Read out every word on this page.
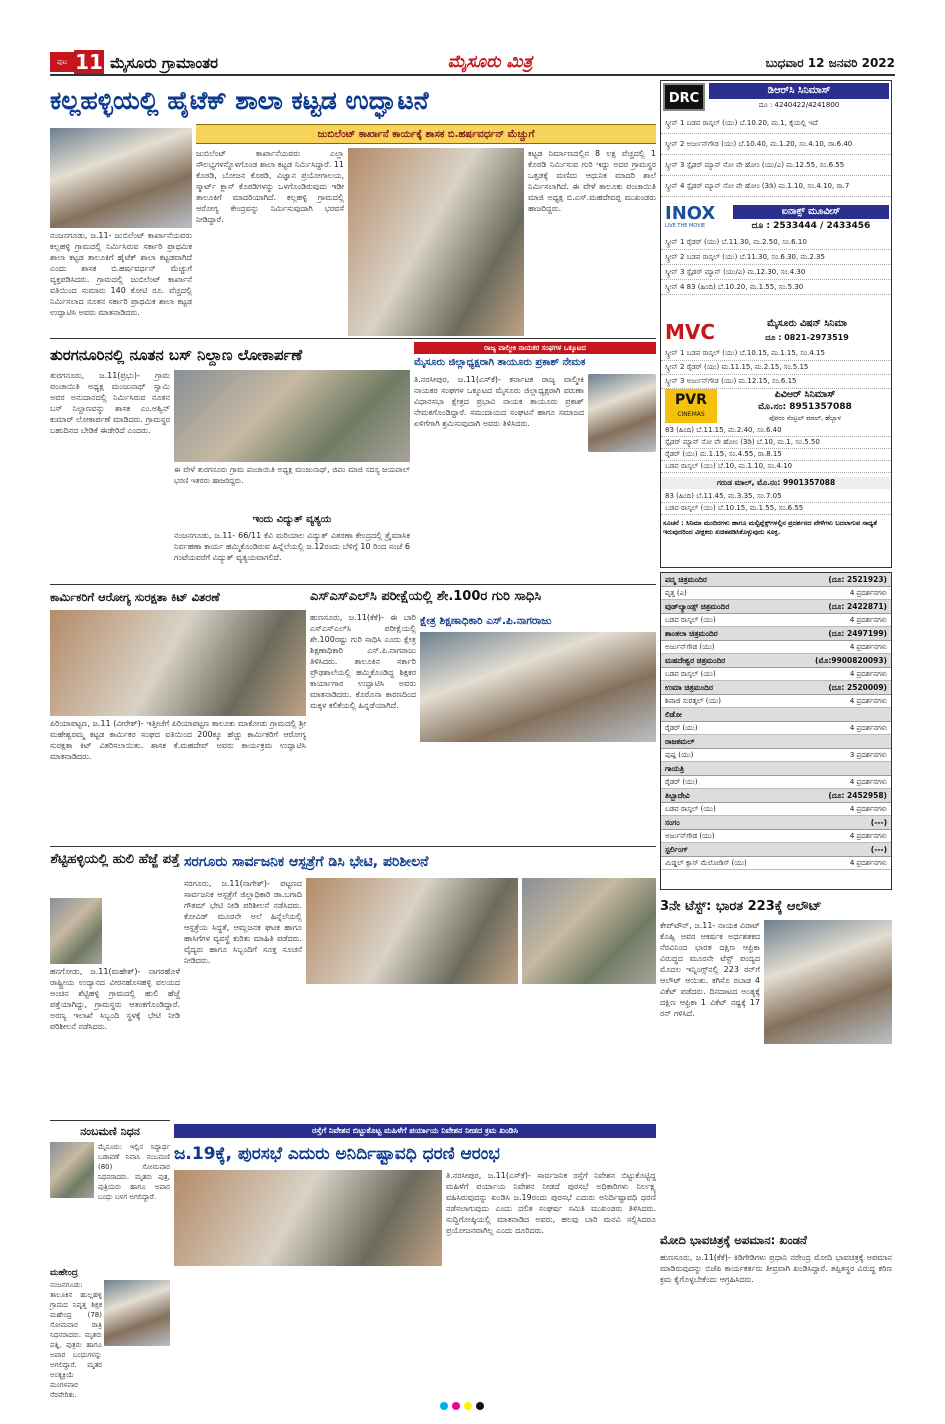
ಪುಟ 11 ಮೈಸೂರು ಗ್ರಾಮಾಂತರ	ಮೈಸೂರು ಮಿತ್ರ	ಬುಧವಾರ 12 ಜನವರಿ 2022
ಕಲ್ಲಹಳ್ಳಿಯಲ್ಲಿ ಹೈಟೆಕ್ ಶಾಲಾ ಕಟ್ಟಡ ಉದ್ಘಾಟನೆ
ಜುಬಿಲೆಂಟ್ ಕಾರ್ಖಾನೆ ಕಾರ್ಯಕ್ಕೆ ಶಾಸಕ ಬಿ.ಹರ್ಷವರ್ಧನ್ ಮೆಚ್ಚುಗೆ
ನಂಜನಗೂಡು, ಜ.11- ಜುಬಿಲೆಂಟ್ ಕಾರ್ಖಾನೆಯವರು ಕಲ್ಲಹಳ್ಳಿ ಗ್ರಾಮದಲ್ಲಿ ನಿರ್ಮಿಸಿರುವ ಸರ್ಕಾರಿ ಪ್ರಾಥಮಿಕ ಶಾಲಾ ಕಟ್ಟಡ ತಾಲೂಕಿಗೆ ಹೈಟೆಕ್ ಶಾಲಾ ಕಟ್ಟಡವಾಗಿದೆ ಎಂದು ಶಾಸಕ ಬಿ.ಹರ್ಷವರ್ಧನ್ ಮೆಚ್ಚುಗೆ ವ್ಯಕ್ತಪಡಿಸಿದರು. ಗ್ರಾಮದಲ್ಲಿ ಜುಬಿಲೆಂಟ್ ಕಾರ್ಖಾನೆ ವತಿಯಿಂದ ಸುಮಾರು 140 ಕೋಟಿ ರೂ. ವೆಚ್ಚದಲ್ಲಿ ನಿರ್ಮಿಸಲಾದ ನೂತನ ಸರ್ಕಾರಿ ಪ್ರಾಥಮಿಕ ಶಾಲಾ ಕಟ್ಟಡ ಉದ್ಘಾಟಿಸಿ ಅವರು ಮಾತನಾಡಿದರು.
ಜುಬಿಲೆಂಟ್ ಕಾರ್ಖಾನೆಯವರು ಎಲ್ಲಾ ಸೌಲಭ್ಯಗಳನ್ನೊಳಗೊಂಡ ಶಾಲಾ ಕಟ್ಟಡ ನಿರ್ಮಿಸಿದ್ದಾರೆ. 11 ಕೊಠಡಿ, ಬೋಜನ ಕೊಠಡಿ, ವಿಜ್ಞಾನ ಪ್ರಯೋಗಾಲಯ, ಸ್ಮಾರ್ಟ್ ಕ್ಲಾಸ್ ಕೊಠಡಿಗಳನ್ನು ಒಳಗೊಂಡಿರುವುದು ಇಡೀ ತಾಲೂಕಿಗೆ ಮಾದರಿಯಾಗಿದೆ. ಕಲ್ಲಹಳ್ಳಿ ಗ್ರಾಮದಲ್ಲಿ ಆರೋಗ್ಯ ಕೇಂದ್ರವನ್ನು ನಿರ್ಮಿಸುವುದಾಗಿ ಭರವಸೆ ನೀಡಿದ್ದಾರೆ.
ಕಟ್ಟಡ ನಿರ್ಮಾಣದಲ್ಲಿನ 8 ಲಕ್ಷ ವೆಚ್ಚದಲ್ಲಿ 1 ಕೊಠಡಿ ನಿರ್ಮಿಸುವ ಗುರಿ ಇದ್ದು ಅದರ ಗ್ರಾಮಸ್ಥರ ಒತ್ತಡಕ್ಕೆ ಮಣಿದು ಆಧುನಿಕ ಮಾದರಿ ಶಾಲೆ ನಿರ್ಮಿಸಲಾಗಿದೆ. ಈ ವೇಳೆ ತಾಲೂಕು ಪಂಚಾಯಿತಿ ಮಾಜಿ ಅಧ್ಯಕ್ಷ ಬಿ.ಎಸ್.ಮಹದೇವಪ್ಪ ಮುಖಂಡರು ಹಾಜರಿದ್ದರು.
ತುರಗನೂರಿನಲ್ಲಿ ನೂತನ ಬಸ್ ನಿಲ್ದಾಣ ಲೋಕಾರ್ಪಣೆ
ತುರಗನೂರು, ಜ.11(ಪ್ರಭು)- ಗ್ರಾಮ ಪಂಚಾಯಿತಿ ಅಧ್ಯಕ್ಷ ಮಂಜುನಾಥ್ ಸ್ವಾಮಿ ಅವರ ಅನುದಾನದಲ್ಲಿ ನಿರ್ಮಿಸಿರುವ ನೂತನ ಬಸ್ ನಿಲ್ದಾಣವನ್ನು ಶಾಸಕ ಎಂ.ಅಶ್ವಿನ್ ಕುಮಾರ್ ಲೋಕಾರ್ಪಣೆ ಮಾಡಿದರು. ಗ್ರಾಮಸ್ಥರ ಬಹುದಿನದ ಬೇಡಿಕೆ ಈಡೇರಿದೆ ಎಂದರು.
ಈ ವೇಳೆ ತುರಗನೂರು ಗ್ರಾಮ ಪಂಚಾಯಿತಿ ಅಧ್ಯಕ್ಷ ಮಂಜುನಾಥ್, ಜಿಪಂ ಮಾಜಿ ಸದಸ್ಯ ಜಯಪಾಲ್ ಭರಣಿ ಇತರರು ಹಾಜರಿದ್ದರು.
ಇಂದು ವಿದ್ಯುತ್ ವ್ಯತ್ಯಯ
ನಂಜನಗೂಡು, ಜ.11- 66/11 ಕೆವಿ ಮರಿಯಾಲ ವಿದ್ಯುತ್ ವಿತರಣಾ ಕೇಂದ್ರದಲ್ಲಿ ತ್ರೈಮಾಸಿಕ ನಿರ್ವಹಣಾ ಕಾರ್ಯ ಹಮ್ಮಿಕೊಂಡಿರುವ ಹಿನ್ನೆಲೆಯಲ್ಲಿ ಜ.12ರಂದು ಬೆಳಿಗ್ಗೆ 10 ರಿಂದ ಸಂಜೆ 6 ಗಂಟೆಯವರೆಗೆ ವಿದ್ಯುತ್ ವ್ಯತ್ಯಯವಾಗಲಿದೆ.
ರಾಜ್ಯ ವಾಲ್ಮೀಕಿ ನಾಯಕರ ಸಂಘಗಳ ಒಕ್ಕೂಟದ
ಮೈಸೂರು ಜಿಲ್ಲಾಧ್ಯಕ್ಷರಾಗಿ ತಾಯೂರು ಪ್ರಕಾಶ್ ನೇಮಕ
ತಿ.ನರಸೀಪುರ, ಜ.11(ಎಸ್‌ಕೆ)- ಕರ್ನಾಟಕ ರಾಜ್ಯ ವಾಲ್ಮೀಕಿ ನಾಯಕರ ಸಂಘಗಳ ಒಕ್ಕೂಟದ ಮೈಸೂರು ಜಿಲ್ಲಾಧ್ಯಕ್ಷರಾಗಿ ವರುಣಾ ವಿಧಾನಸಭಾ ಕ್ಷೇತ್ರದ ಪ್ರಭಾವಿ ನಾಯಕ ತಾಯೂರು ಪ್ರಕಾಶ್ ನೇಮಕಗೊಂಡಿದ್ದಾರೆ. ಸಮುದಾಯದ ಸಂಘಟನೆ ಹಾಗೂ ಸಮಾಜದ ಏಳಿಗೆಗಾಗಿ ಶ್ರಮಿಸುವುದಾಗಿ ಅವರು ತಿಳಿಸಿದರು.
DRC
ಡಿಆರ್‌ಸಿ ಸಿನಿಮಾಸ್
ದೂ : 4240422/4241800
ಸ್ಕ್ರೀನ್ 1 ಬಡವ ರಾಸ್ಕಲ್ (ಯು) ಬೆ.10.20, ಮ.1, ಕೈಯಲ್ಲಿ ಇದೆ
ಸ್ಕ್ರೀನ್ 2 ಅರ್ಜುನ್‌ಗೌಡ (ಯು) ಬೆ.10.40, ಮ.1.20, ಸಂ.4.10, ರಾ.6.40
ಸ್ಕ್ರೀನ್ 3 ಸ್ಪೈಡರ್ ಮ್ಯಾನ್ ನೋ ವೇ ಹೋಂ (ಯು/ಎ) ಮ.12.55, ಸಂ.6.55
ಸ್ಕ್ರೀನ್ 4 ಸ್ಪೈಡರ್ ಮ್ಯಾನ್ ನೋ ವೇ ಹೋಂ (3ಡಿ) ಮ.1.10, ಸಂ.4.10, ರಾ.7
INOX
LIVE THE MOVIE
ಐನಾಕ್ಸ್ ಮೂವೀಸ್
ದೂ : 2533444 / 2433456
ಸ್ಕ್ರೀನ್ 1 ರೈಡರ್ (ಯು) ಬೆ.11.30, ಮ.2.50, ಸಂ.6.10
ಸ್ಕ್ರೀನ್ 2 ಬಡವ ರಾಸ್ಕಲ್ (ಯು) ಬೆ.11.30, ಸಂ.6.30, ಮ.2.35
ಸ್ಕ್ರೀನ್ 3 ಸ್ಪೈಡರ್ ಮ್ಯಾನ್ (ಯು/ಎ) ಮ.12.30, ಸಂ.4.30
ಸ್ಕ್ರೀನ್ 4 83 (ಹಿಂದಿ) ಬೆ.10.20, ಮ.1.55, ಸಂ.5.30
MVC	ಮೈಸೂರು ವಿಷನ್ ಸಿನಿಮಾ
ದೂ : 0821-2973519
ಸ್ಕ್ರೀನ್ 1 ಬಡವ ರಾಸ್ಕಲ್ (ಯು) ಬೆ.10.15, ಮ.1.15, ಸಂ.4.15
ಸ್ಕ್ರೀನ್ 2 ರೈಡರ್ (ಯು) ಮ.11.15, ಮ.2.15, ಸಂ.5.15
ಸ್ಕ್ರೀನ್ 3 ಅರ್ಜುನ್‌ಗೌಡ (ಯು) ಮ.12.15, ಸಂ.6.15
PVR
CINEMAS
ಪಿವಿಆರ್ ಸಿನಿಮಾಸ್
ಮೊ.ನಂ: 8951357088
ಫೋರಂ ಸೆಂಟ್ರಲ್ ಮಾಲ್, ಹೆಬ್ಬಾಳ
83 (ಹಿಂದಿ) ಬೆ.11.15, ಮ.2.40, ಸಂ.6.40
ಸ್ಪೈಡರ್ ಮ್ಯಾನ್ ನೋ ವೇ ಹೋಂ (3ಡಿ) ಬೆ.10, ಮ.1, ಸಂ.5.50
ರೈಡರ್ (ಯು) ಮ.1.15, ಸಂ.4.55, ರಾ.8.15
ಬಡವ ರಾಸ್ಕಲ್ (ಯು) ಬೆ.10, ಮ.1.10, ಸಂ.4.10
ಗರುಡ ಮಾಲ್, ಮೊ.ನಂ: 9901357088
83 (ಹಿಂದಿ) ಬೆ.11.45, ಮ.3.35, ಸಂ.7.05
ಬಡವ ರಾಸ್ಕಲ್ (ಯು) ಬೆ.10.15, ಮ.1.55, ಸಂ.6.55
ಸೂಚನೆ : ಸಿನಿಮಾ ಮಂದಿರಗಳು ಹಾಗೂ ಮಲ್ಟಿಪ್ಲೆಕ್ಸ್‌ಗಳಲ್ಲಿನ ಪ್ರದರ್ಶನದ ವೇಳೆಗಳು ಬದಲಾಗುವ ಸಾಧ್ಯತೆ ಇರುವುದರಿಂದ ವೀಕ್ಷಕರು ಖಚಿತಪಡಿಸಿಕೊಳ್ಳುವುದು ಸೂಕ್ತ.
ಪದ್ಮ ಚಿತ್ರಮಂದಿರ	(ದೂ: 2521923)
ವೃತ್ತ (ಎ)	4 ಪ್ರದರ್ಶನಗಳು
ವುಡ್‌ಲ್ಯಾಂಡ್ಸ್ ಚಿತ್ರಮಂದಿರ	(ದೂ: 2422871)
ಬಡವ ರಾಸ್ಕಲ್ (ಯು)	4 ಪ್ರದರ್ಶನಗಳು
ಶಾಂತಲಾ ಚಿತ್ರಮಂದಿರ	(ದೂ: 2497199)
ಅರ್ಜುನ್‌ಗೌಡ (ಯು)	4 ಪ್ರದರ್ಶನಗಳು
ಮಹದೇಶ್ವರ ಚಿತ್ರಮಂದಿರ	(ಮೊ:9900820093)
ಬಡವ ರಾಸ್ಕಲ್ (ಯು)	4 ಪ್ರದರ್ಶನಗಳು
ಉಮಾ ಚಿತ್ರಮಂದಿರ	(ದೂ: 2520009)
ಶಿವಾಜಿ ಸುರತ್ಕಲ್ (ಯು)	4 ಪ್ರದರ್ಶನಗಳು
ಲಿಡೋ
ರೈಡರ್ (ಯು)	4 ಪ್ರದರ್ಶನಗಳು
ರಾಜಕಮಲ್
ಪುಷ್ಪ (ಯು)	3 ಪ್ರದರ್ಶನಗಳು
ಗಾಯತ್ರಿ
ರೈಡರ್ (ಯು)	4 ಪ್ರದರ್ಶನಗಳು
ತಿಬ್ಬಾದೇವಿ	(ದೂ: 2452958)
ಬಡವ ರಾಸ್ಕಲ್ (ಯು)	4 ಪ್ರದರ್ಶನಗಳು
ಸಂಗಂ	(---)
ಅರ್ಜುನ್‌ಗೌಡ (ಯು)	4 ಪ್ರದರ್ಶನಗಳು
ಸ್ಟರ್ಲಿಂಗ್	(---)
ಮಿಡ್ಡಲ್ ಕ್ಲಾಸ್ ಮೆಲೋಡಿಸ್ (ಯು)	4 ಪ್ರದರ್ಶನಗಳು
ಕಾರ್ಮಿಕರಿಗೆ ಆರೋಗ್ಯ ಸುರಕ್ಷತಾ ಕಿಟ್ ವಿತರಣೆ
ಪಿರಿಯಾಪಟ್ಟಣ, ಜ.11 (ವೀರೇಶ್)- ಇತ್ತೀಚೆಗೆ ಪಿರಿಯಾಪಟ್ಟಣ ತಾಲೂಕು ಮಾಕೋಡು ಗ್ರಾಮದಲ್ಲಿ ಶ್ರೀ ಮಹೇಶ್ವರಮ್ಮ ಕಟ್ಟಡ ಕಾರ್ಮಿಕರ ಸಂಘದ ವತಿಯಿಂದ 200ಕ್ಕೂ ಹೆಚ್ಚು ಕಾರ್ಮಿಕರಿಗೆ ಆರೋಗ್ಯ ಸುರಕ್ಷತಾ ಕಿಟ್ ವಿತರಿಸಲಾಯಿತು. ಶಾಸಕ ಕೆ.ಮಹದೇವ್ ಅವರು ಕಾರ್ಯಕ್ರಮ ಉದ್ಘಾಟಿಸಿ ಮಾತನಾಡಿದರು.
ಎಸ್‌ಎಸ್‌ಎಲ್‌ಸಿ ಪರೀಕ್ಷೆಯಲ್ಲಿ ಶೇ.100ರ ಗುರಿ ಸಾಧಿಸಿ
ಹುಣಸೂರು, ಜ.11(ಕೆಕೆ)- ಈ ಬಾರಿ ಎಸ್‌ಎಸ್‌ಎಲ್‌ಸಿ ಪರೀಕ್ಷೆಯಲ್ಲಿ ಶೇ.100ರಷ್ಟು ಗುರಿ ಸಾಧಿಸಿ ಎಂದು ಕ್ಷೇತ್ರ ಶಿಕ್ಷಣಾಧಿಕಾರಿ ಎಸ್.ಪಿ.ನಾಗರಾಜು ತಿಳಿಸಿದರು. ತಾಲೂಕಿನ ಸರ್ಕಾರಿ ಪ್ರೌಢಶಾಲೆಯಲ್ಲಿ ಹಮ್ಮಿಕೊಂಡಿದ್ದ ಶಿಕ್ಷಕರ ಕಾರ್ಯಾಗಾರ ಉದ್ಘಾಟಿಸಿ ಅವರು ಮಾತನಾಡಿದರು. ಕೊರೊನಾ ಕಾರಣದಿಂದ ಮಕ್ಕಳ ಕಲಿಕೆಯಲ್ಲಿ ಹಿನ್ನಡೆಯಾಗಿದೆ.
ಕ್ಷೇತ್ರ ಶಿಕ್ಷಣಾಧಿಕಾರಿ ಎಸ್.ಪಿ.ನಾಗರಾಜು
ಶೆಟ್ಟಿಹಳ್ಳಿಯಲ್ಲಿ ಹುಲಿ ಹೆಜ್ಜೆ ಪತ್ತೆ
ಹನಗೋಡು, ಜ.11(ಮಹೇಶ್)- ನಾಗರಹೊಳೆ ರಾಷ್ಟ್ರೀಯ ಉದ್ಯಾನದ ವೀರನಹೊಸಹಳ್ಳಿ ವಲಯದ ಅಂಚಿನ ಶೆಟ್ಟಿಹಳ್ಳಿ ಗ್ರಾಮದಲ್ಲಿ ಹುಲಿ ಹೆಜ್ಜೆ ಪತ್ತೆಯಾಗಿದ್ದು, ಗ್ರಾಮಸ್ಥರು ಆತಂಕಗೊಂಡಿದ್ದಾರೆ. ಅರಣ್ಯ ಇಲಾಖೆ ಸಿಬ್ಬಂದಿ ಸ್ಥಳಕ್ಕೆ ಭೇಟಿ ನೀಡಿ ಪರಿಶೀಲನೆ ನಡೆಸಿದರು.
ಸರಗೂರು ಸಾರ್ವಜನಿಕ ಆಸ್ಪತ್ರೆಗೆ ಡಿಸಿ ಭೇಟಿ, ಪರಿಶೀಲನೆ
ಸರಗೂರು, ಜ.11(ನಾಗೇಶ್)- ಪಟ್ಟಣದ ಸಾರ್ವಜನಿಕ ಆಸ್ಪತ್ರೆಗೆ ಜಿಲ್ಲಾಧಿಕಾರಿ ಡಾ.ಬಗಾದಿ ಗೌತಮ್ ಭೇಟಿ ನೀಡಿ ಪರಿಶೀಲನೆ ನಡೆಸಿದರು. ಕೋವಿಡ್ ಮೂರನೇ ಅಲೆ ಹಿನ್ನೆಲೆಯಲ್ಲಿ ಆಸ್ಪತ್ರೆಯ ಸಿದ್ಧತೆ, ಆಮ್ಲಜನಕ ಘಟಕ ಹಾಗೂ ಹಾಸಿಗೆಗಳ ವ್ಯವಸ್ಥೆ ಕುರಿತು ಮಾಹಿತಿ ಪಡೆದರು. ವೈದ್ಯರು ಹಾಗೂ ಸಿಬ್ಬಂದಿಗೆ ಸೂಕ್ತ ಸೂಚನೆ ನೀಡಿದರು.
3ನೇ ಟೆಸ್ಟ್: ಭಾರತ 223ಕ್ಕೆ ಆಲೌಟ್
ಕೇಪ್‌ಟೌನ್, ಜ.11- ನಾಯಕ ವಿರಾಟ್ ಕೊಹ್ಲಿ ಅವರ ಆಕರ್ಷಕ ಅರ್ಧಶತಕದ ನೆರವಿನಿಂದ ಭಾರತ ದಕ್ಷಿಣ ಆಫ್ರಿಕಾ ವಿರುದ್ಧದ ಮೂರನೇ ಟೆಸ್ಟ್ ಪಂದ್ಯದ ಮೊದಲ ಇನ್ನಿಂಗ್ಸ್‌ನಲ್ಲಿ 223 ರನ್‌ಗೆ ಆಲೌಟ್ ಆಯಿತು. ಕಗಿಸೊ ರಬಾಡ 4 ವಿಕೆಟ್ ಪಡೆದರು. ದಿನದಾಟದ ಅಂತ್ಯಕ್ಕೆ ದಕ್ಷಿಣ ಆಫ್ರಿಕಾ 1 ವಿಕೆಟ್ ನಷ್ಟಕ್ಕೆ 17 ರನ್ ಗಳಿಸಿದೆ.
ನಂಬಮಣಿ ನಿಧನ
ಮೈಸೂರು: ಇಲ್ಲಿನ ಸಿದ್ಧಾರ್ಥ ಬಡಾವಣೆ ನಿವಾಸಿ ನಂಬಮಣಿ (80) ಸೋಮವಾರ ನಿಧನರಾದರು. ಮೃತರು ಪುತ್ರ, ಪುತ್ರಿಯರು ಹಾಗೂ ಅಪಾರ ಬಂಧು ಬಳಗ ಅಗಲಿದ್ದಾರೆ.
ಮಹೇಂದ್ರ
ನಂಜನಗೂಡು: ತಾಲೂಕಿನ ಹುಲ್ಲಹಳ್ಳಿ ಗ್ರಾಮದ ನಿವೃತ್ತ ಶಿಕ್ಷಕ ಮಹೇಂದ್ರ (78) ಸೋಮವಾರ ರಾತ್ರಿ ನಿಧನರಾದರು. ಮೃತರು ಪತ್ನಿ, ಪುತ್ರರು ಹಾಗೂ ಅಪಾರ ಬಂಧುಗಳನ್ನು ಅಗಲಿದ್ದಾರೆ. ಮೃತರ ಅಂತ್ಯಕ್ರಿಯೆ ಮಂಗಳವಾರ ನೆರವೇರಿತು.
ರಸ್ತೆಗೆ ನಿವೇಶನ ಬಿಟ್ಟುಕೊಟ್ಟ ಮಹಿಳೆಗೆ ಪರ್ಯಾಯ ನಿವೇಶನ ನೀಡದ ಕ್ರಮ ಖಂಡಿಸಿ
ಜ.19ಕ್ಕೆ, ಪುರಸಭೆ ಎದುರು ಅನಿರ್ದಿಷ್ಟಾವಧಿ ಧರಣಿ ಆರಂಭ
ತಿ.ನರಸೀಪುರ, ಜ.11(ಎಸ್‌ಕೆ)- ಸಾರ್ವಜನಿಕ ರಸ್ತೆಗೆ ನಿವೇಶನ ಬಿಟ್ಟುಕೊಟ್ಟಿದ್ದ ಮಹಿಳೆಗೆ ಪರ್ಯಾಯ ನಿವೇಶನ ನೀಡದೆ ಪುರಸಭೆ ಅಧಿಕಾರಿಗಳು ನಿರ್ಲಕ್ಷ್ಯ ವಹಿಸಿರುವುದನ್ನು ಖಂಡಿಸಿ ಜ.19ರಂದು ಪುರಸಭೆ ಎದುರು ಅನಿರ್ದಿಷ್ಟಾವಧಿ ಧರಣಿ ನಡೆಸಲಾಗುವುದು ಎಂದು ದಲಿತ ಸಂಘರ್ಷ ಸಮಿತಿ ಮುಖಂಡರು ತಿಳಿಸಿದರು. ಸುದ್ದಿಗೋಷ್ಠಿಯಲ್ಲಿ ಮಾತನಾಡಿದ ಅವರು, ಹಲವು ಬಾರಿ ಮನವಿ ಸಲ್ಲಿಸಿದರೂ ಪ್ರಯೋಜನವಾಗಿಲ್ಲ ಎಂದು ದೂರಿದರು.
ಮೋದಿ ಭಾವಚಿತ್ರಕ್ಕೆ ಅಪಮಾನ: ಖಂಡನೆ
ಹುಣಸೂರು, ಜ.11(ಕೆಕೆ)- ಕಿಡಿಗೇಡಿಗಳು ಪ್ರಧಾನಿ ನರೇಂದ್ರ ಮೋದಿ ಭಾವಚಿತ್ರಕ್ಕೆ ಅಪಮಾನ ಮಾಡಿರುವುದನ್ನು ಬಿಜೆಪಿ ಕಾರ್ಯಕರ್ತರು ತೀವ್ರವಾಗಿ ಖಂಡಿಸಿದ್ದಾರೆ. ತಪ್ಪಿತಸ್ಥರ ವಿರುದ್ಧ ಕಠಿಣ ಕ್ರಮ ಕೈಗೊಳ್ಳಬೇಕೆಂದು ಆಗ್ರಹಿಸಿದರು.
